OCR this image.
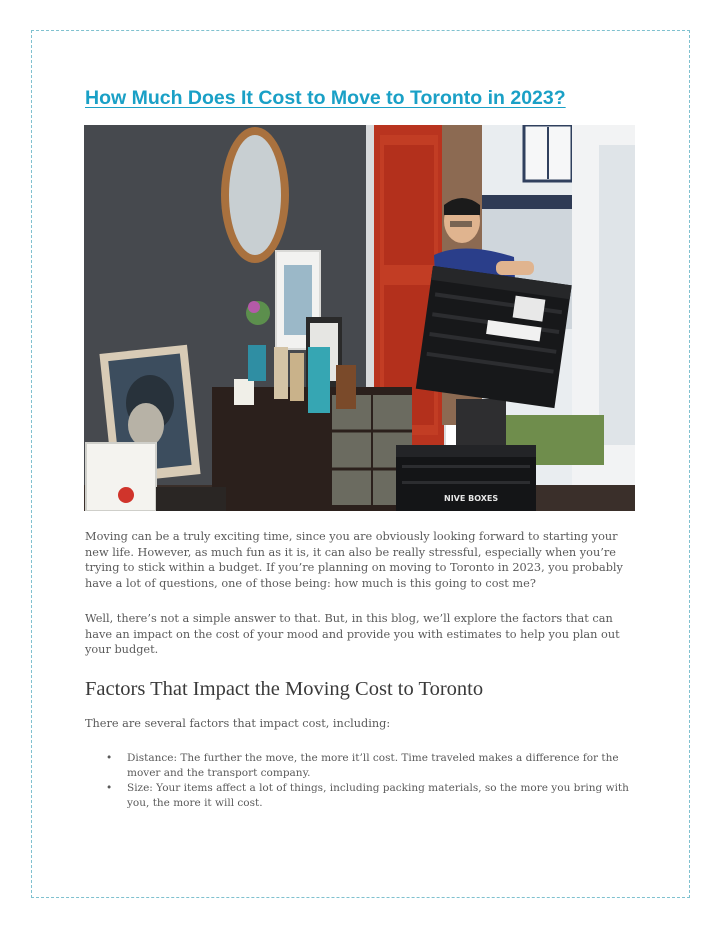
How Much Does It Cost to Move to Toronto in 2023?
NIVE BOXES

Moving can be a truly exciting time, since you are obviously looking forward to starting your new life. However, as much fun as it is, it can also be really stressful, especially when you’re trying to stick within a budget. If you’re planning on moving to Toronto in 2023, you probably have a lot of questions, one of those being: how much is this going to cost me?

Well, there’s not a simple answer to that. But, in this blog, we’ll explore the factors that can have an impact on the cost of your mood and provide you with estimates to help you plan out your budget.

Factors That Impact the Moving Cost to Toronto

There are several factors that impact cost, including:

• Distance: The further the move, the more it’ll cost. Time traveled makes a difference for the mover and the transport company.
• Size: Your items affect a lot of things, including packing materials, so the more you bring with you, the more it will cost.
